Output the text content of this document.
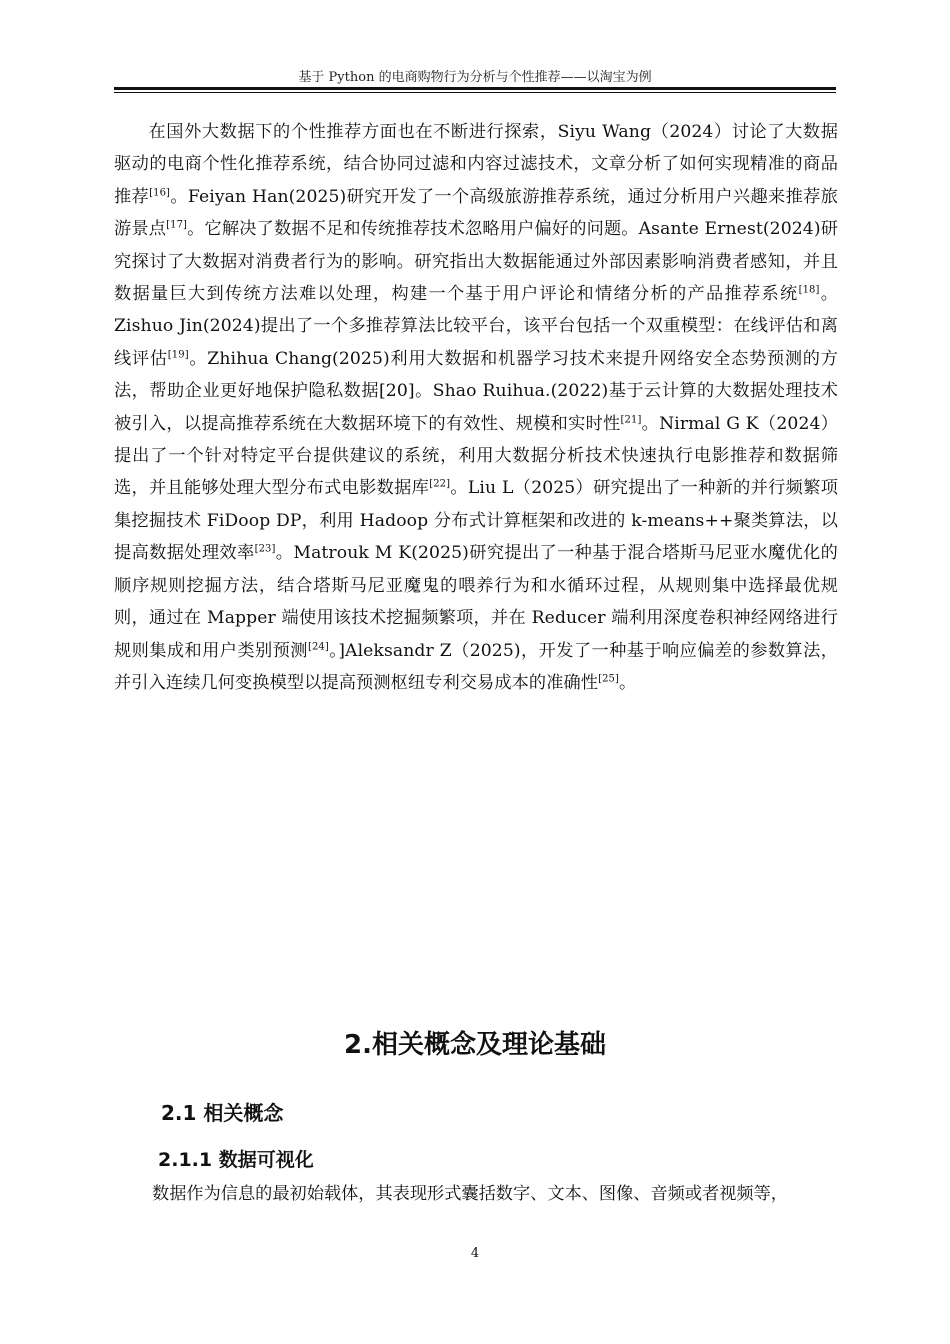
基于 Python 的电商购物行为分析与个性推荐——以淘宝为例

在国外大数据下的个性推荐方面也在不断进行探索，Siyu Wang（2024）讨论了大数据驱动的电商个性化推荐系统，结合协同过滤和内容过滤技术，文章分析了如何实现精准的商品推荐[16]。Feiyan Han(2025)研究开发了一个高级旅游推荐系统，通过分析用户兴趣来推荐旅游景点[17]。它解决了数据不足和传统推荐技术忽略用户偏好的问题。Asante Ernest(2024)研究探讨了大数据对消费者行为的影响。研究指出大数据能通过外部因素影响消费者感知，并且数据量巨大到传统方法难以处理，构建一个基于用户评论和情绪分析的产品推荐系统[18]。Zishuo Jin(2024)提出了一个多推荐算法比较平台，该平台包括一个双重模型：在线评估和离线评估[19]。Zhihua Chang(2025)利用大数据和机器学习技术来提升网络安全态势预测的方法，帮助企业更好地保护隐私数据[20]。Shao Ruihua.(2022)基于云计算的大数据处理技术被引入，以提高推荐系统在大数据环境下的有效性、规模和实时性[21]。Nirmal G K（2024）提出了一个针对特定平台提供建议的系统，利用大数据分析技术快速执行电影推荐和数据筛选，并且能够处理大型分布式电影数据库[22]。Liu L（2025）研究提出了一种新的并行频繁项集挖掘技术 FiDoop DP，利用 Hadoop 分布式计算框架和改进的 k-means++聚类算法，以提高数据处理效率[23]。Matrouk M K(2025)研究提出了一种基于混合塔斯马尼亚水魔优化的顺序规则挖掘方法，结合塔斯马尼亚魔鬼的喂养行为和水循环过程，从规则集中选择最优规则，通过在 Mapper 端使用该技术挖掘频繁项，并在 Reducer 端利用深度卷积神经网络进行规则集成和用户类别预测[24]。]Aleksandr Z（2025)，开发了一种基于响应偏差的参数算法，并引入连续几何变换模型以提高预测枢纽专利交易成本的准确性[25]。

2.相关概念及理论基础
2.1 相关概念
2.1.1 数据可视化

数据作为信息的最初始载体，其表现形式囊括数字、文本、图像、音频或者视频等，

4
